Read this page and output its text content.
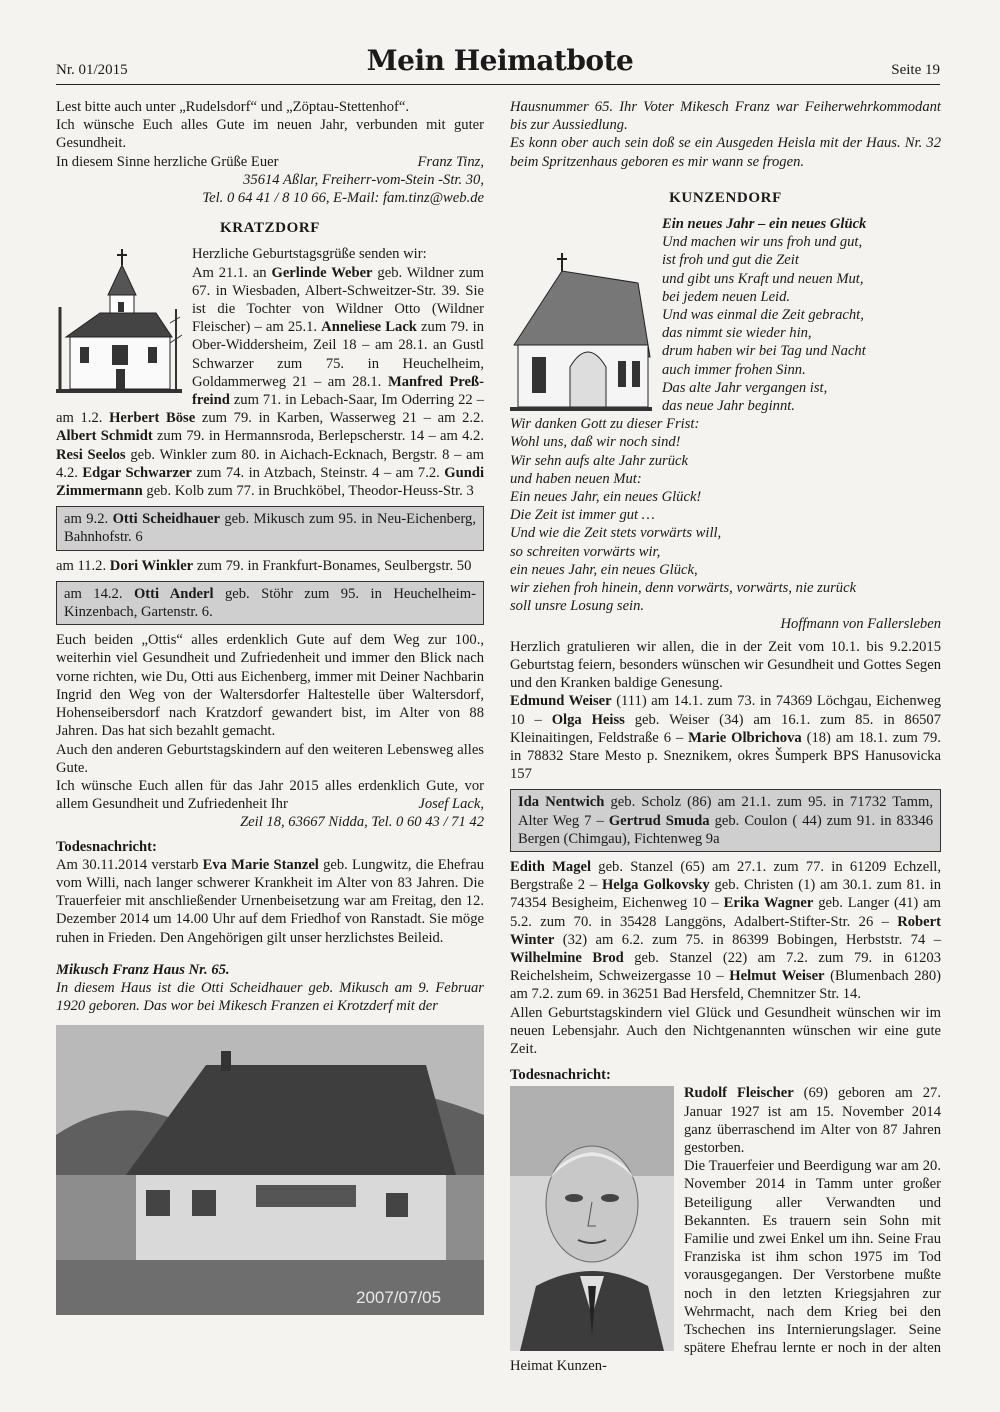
Nr. 01/2015	Mein Heimatbote	Seite 19

Lest bitte auch unter „Rudelsdorf“ und „Zöptau-Stettenhof“.

Ich wünsche Euch alles Gute im neuen Jahr, verbunden mit guter Gesundheit.

In diesem Sinne herzliche Grüße Euer	Franz Tinz,

35614 Aßlar, Freiherr-vom-Stein -Str. 30,

Tel. 0 64 41 / 8 10 66, E-Mail: fam.tinz@web.de

KRATZDORF

Herzliche Geburtstagsgrüße senden wir:
Am 21.1. an Gerlinde Weber geb. Wildner zum 67. in Wiesbaden, Albert-Schweitzer-Str. 39. Sie ist die Tochter von Wildner Otto (Wildner Fleischer) – am 25.1. Anneliese Lack zum 79. in Ober-Widdersheim, Zeil 18 – am 28.1. an Gustl Schwarzer zum 75. in Heuchelheim, Goldammerweg 21 – am 28.1. Manfred Preßfreind zum 71. in Lebach-Saar, Im Oderring 22 – am 1.2. Herbert Böse zum 79. in Karben, Wasserweg 21 – am 2.2. Albert Schmidt zum 79. in Hermannsroda, Berlepscherstr. 14 – am 4.2. Resi Seelos geb. Winkler zum 80. in Aichach-Ecknach, Bergstr. 8 – am 4.2. Edgar Schwarzer zum 74. in Atzbach, Steinstr. 4 – am 7.2. Gundi Zimmermann geb. Kolb zum 77. in Bruchköbel, Theodor-Heuss-Str. 3

am 9.2. Otti Scheidhauer geb. Mikusch zum 95. in Neu-Eichenberg, Bahnhofstr. 6

am 11.2. Dori Winkler zum 79. in Frankfurt-Bonames, Seulbergstr. 50

am 14.2. Otti Anderl geb. Stöhr zum 95. in Heuchelheim-Kinzenbach, Gartenstr. 6.

Euch beiden „Ottis“ alles erdenklich Gute auf dem Weg zur 100., weiterhin viel Gesundheit und Zufriedenheit und immer den Blick nach vorne richten, wie Du, Otti aus Eichenberg, immer mit Deiner Nachbarin Ingrid den Weg von der Waltersdorfer Haltestelle über Waltersdorf, Hohenseibersdorf nach Kratzdorf gewandert bist, im Alter von 88 Jahren. Das hat sich bezahlt gemacht.

Auch den anderen Geburtstagskindern auf den weiteren Lebensweg alles Gute.

Ich wünsche Euch allen für das Jahr 2015 alles erdenklich Gute, vor allem Gesundheit und Zufriedenheit Ihr	Josef Lack,

Zeil 18, 63667 Nidda, Tel. 0 60 43 / 71 42

Todesnachricht:

Am 30.11.2014 verstarb Eva Marie Stanzel geb. Lungwitz, die Ehefrau vom Willi, nach langer schwerer Krankheit im Alter von 83 Jahren. Die Trauerfeier mit anschließender Urnenbeisetzung war am Freitag, den 12. Dezember 2014 um 14.00 Uhr auf dem Friedhof von Ranstadt. Sie möge ruhen in Frieden. Den Angehörigen gilt unser herzlichstes Beileid.

Mikusch Franz Haus Nr. 65.

In diesem Haus ist die Otti Scheidhauer geb. Mikusch am 9. Februar 1920 geboren. Das wor bei Mikesch Franzen ei Krotzderf mit der

2007/07/05

Hausnummer 65. Ihr Voter Mikesch Franz war Feiherwehrkommodant bis zur Aussiedlung.
Es konn ober auch sein doß se ein Ausgeden Heisla mit der Haus. Nr. 32 beim Spritzenhaus geboren es mir wann se frogen.

KUNZENDORF

Ein neues Jahr – ein neues Glück

Und machen wir uns froh und gut,

ist froh und gut die Zeit

und gibt uns Kraft und neuen Mut,

bei jedem neuen Leid.

Und was einmal die Zeit gebracht,

das nimmt sie wieder hin,

drum haben wir bei Tag und Nacht

auch immer frohen Sinn.

Das alte Jahr vergangen ist,

das neue Jahr beginnt.

Wir danken Gott zu dieser Frist:

Wohl uns, daß wir noch sind!

Wir sehn aufs alte Jahr zurück

und haben neuen Mut:

Ein neues Jahr, ein neues Glück!

Die Zeit ist immer gut …

Und wie die Zeit stets vorwärts will,

so schreiten vorwärts wir,

ein neues Jahr, ein neues Glück,

wir ziehen froh hinein, denn vorwärts, vorwärts, nie zurück

soll unsre Losung sein.

Hoffmann von Fallersleben

Herzlich gratulieren wir allen, die in der Zeit vom 10.1. bis 9.2.2015 Geburtstag feiern, besonders wünschen wir Gesundheit und Gottes Segen und den Kranken baldige Genesung.

Edmund Weiser (111) am 14.1. zum 73. in 74369 Löchgau, Eichenweg 10 – Olga Heiss geb. Weiser (34) am 16.1. zum 85. in 86507 Kleinaitingen, Feldstraße 6 – Marie Olbrichova (18) am 18.1. zum 79. in 78832 Stare Mesto p. Sneznikem, okres Šumperk BPS Hanusovicka 157

Ida Nentwich geb. Scholz (86) am 21.1. zum 95. in 71732 Tamm, Alter Weg 7 – Gertrud Smuda geb. Coulon ( 44) zum 91. in 83346 Bergen (Chimgau), Fichtenweg 9a

Edith Magel geb. Stanzel (65) am 27.1. zum 77. in 61209 Echzell, Bergstraße 2 – Helga Golkovsky geb. Christen (1) am 30.1. zum 81. in 74354 Besigheim, Eichenweg 10 – Erika Wagner geb. Langer (41) am 5.2. zum 70. in 35428 Langgöns, Adalbert-Stifter-Str. 26 – Robert Winter (32) am 6.2. zum 75. in 86399 Bobingen, Herbststr. 74 – Wilhelmine Brod geb. Stanzel (22) am 7.2. zum 79. in 61203 Reichelsheim, Schweizergasse 10 – Helmut Weiser (Blumenbach 280) am 7.2. zum 69. in 36251 Bad Hersfeld, Chemnitzer Str. 14.

Allen Geburtstagskindern viel Glück und Gesundheit wünschen wir im neuen Lebensjahr. Auch den Nichtgenannten wünschen wir eine gute Zeit.

Todesnachricht:

Rudolf Fleischer (69) geboren am 27. Januar 1927 ist am 15. November 2014 ganz überraschend im Alter von 87 Jahren gestorben.
Die Trauerfeier und Beerdigung war am 20. November 2014 in Tamm unter großer Beteiligung aller Verwandten und Bekannten. Es trauern sein Sohn mit Familie und zwei Enkel um ihn. Seine Frau Franziska ist ihm schon 1975 im Tod vorausgegangen. Der Verstorbene mußte noch in den letzten Kriegsjahren zur Wehrmacht, nach dem Krieg bei den Tschechen ins Internierungslager. Seine spätere Ehefrau lernte er noch in der alten Heimat Kunzen-
